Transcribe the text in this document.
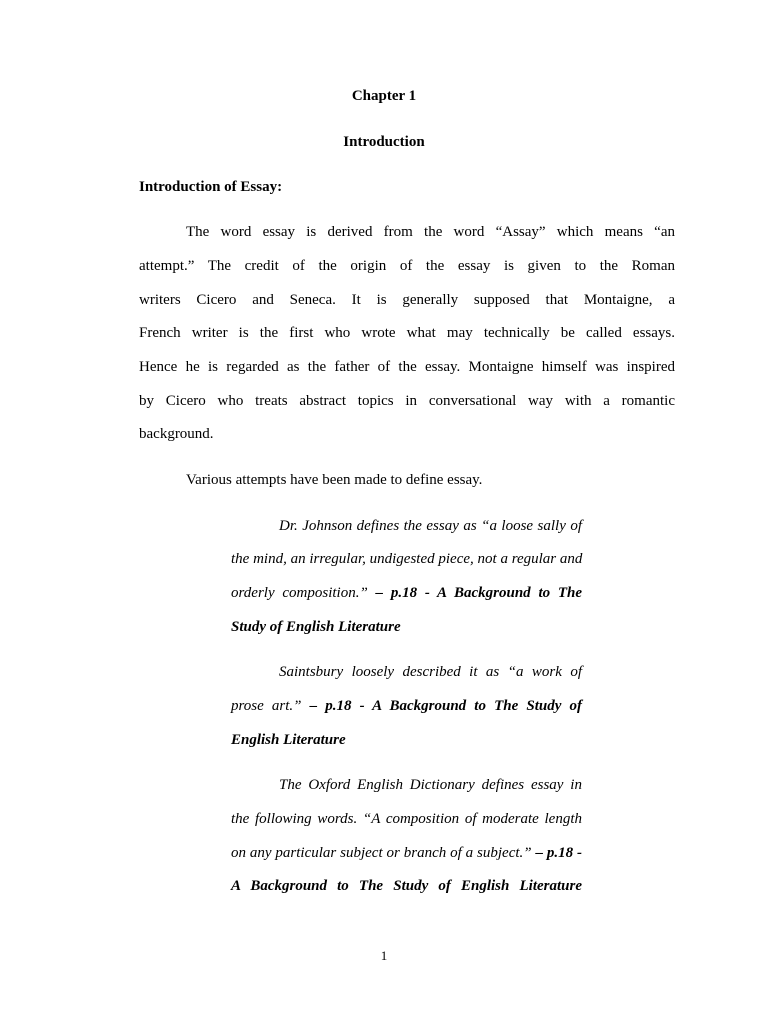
Chapter 1

Introduction

Introduction of Essay:

The word essay is derived from the word “Assay” which means “an

attempt.” The credit of the origin of the essay is given to the Roman

writers Cicero and Seneca. It is generally supposed that Montaigne, a

French writer is the first who wrote what may technically be called essays.

Hence he is regarded as the father of the essay. Montaigne himself was inspired

by Cicero who treats abstract topics in conversational way with a romantic

background.

Various attempts have been made to define essay.

Dr. Johnson defines the essay as “a loose sally of

the mind, an irregular, undigested piece, not a regular and

orderly composition.” – p.18 - A Background to The

Study of English Literature

Saintsbury loosely described it as “a work of

prose art.” – p.18 - A Background to The Study of

English Literature

The Oxford English Dictionary defines essay in

the following words. “A composition of moderate length

on any particular subject or branch of a subject.” – p.18 -

A Background to The Study of English Literature

1
